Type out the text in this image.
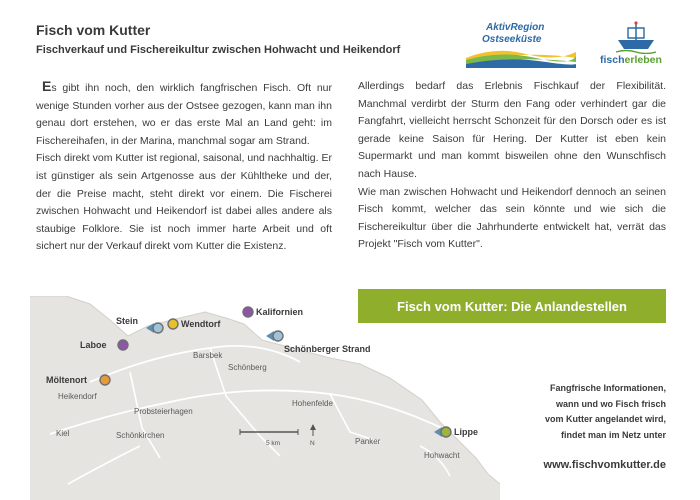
Fisch vom Kutter
Fischverkauf und Fischereikultur zwischen Hohwacht und Heikendorf
AktivRegion
Ostseeküste
fischerleben

Es gibt ihn noch, den wirklich fangfrischen Fisch. Oft nur wenige Stunden vorher aus der Ostsee gezogen, kann man ihn genau dort erstehen, wo er das erste Mal an Land geht: im Fischereihafen, in der Marina, manchmal sogar am Strand.

Fisch direkt vom Kutter ist regional, saisonal, und nachhaltig. Er ist günstiger als sein Artgenosse aus der Kühltheke und der, der die Preise macht, steht direkt vor einem. Die Fischerei zwischen Hohwacht und Heikendorf ist dabei alles andere als staubige Folklore. Sie ist noch immer harte Arbeit und oft sichert nur der Verkauf direkt vom Kutter die Existenz.

Allerdings bedarf das Erlebnis Fischkauf der Flexibilität. Manchmal verdirbt der Sturm den Fang oder verhindert gar die Fangfahrt, vielleicht herrscht Schonzeit für den Dorsch oder es ist gerade keine Saison für Hering. Der Kutter ist eben kein Supermarkt und man kommt bisweilen ohne den Wunschfisch nach Hause.

Wie man zwischen Hohwacht und Heikendorf dennoch an seinen Fisch kommt, welcher das sein könnte und wie sich die Fischereikultur über die Jahrhunderte entwickelt hat, verrät das Projekt "Fisch vom Kutter".

5 km	N
Stein	Wendtorf
Kalifornien
Schönberger Strand
Laboe
Möltenort
Lippe
Barsbek
Schönberg
Heikendorf
Probsteierhagen
Hohenfelde
Kiel	Schönkirchen
Panker
Hohwacht
Fisch vom Kutter: Die Anlandestellen
Fangfrische Informationen,
wann und wo Fisch frisch
vom Kutter angelandet wird,
findet man im Netz unter
www.fischvomkutter.de
